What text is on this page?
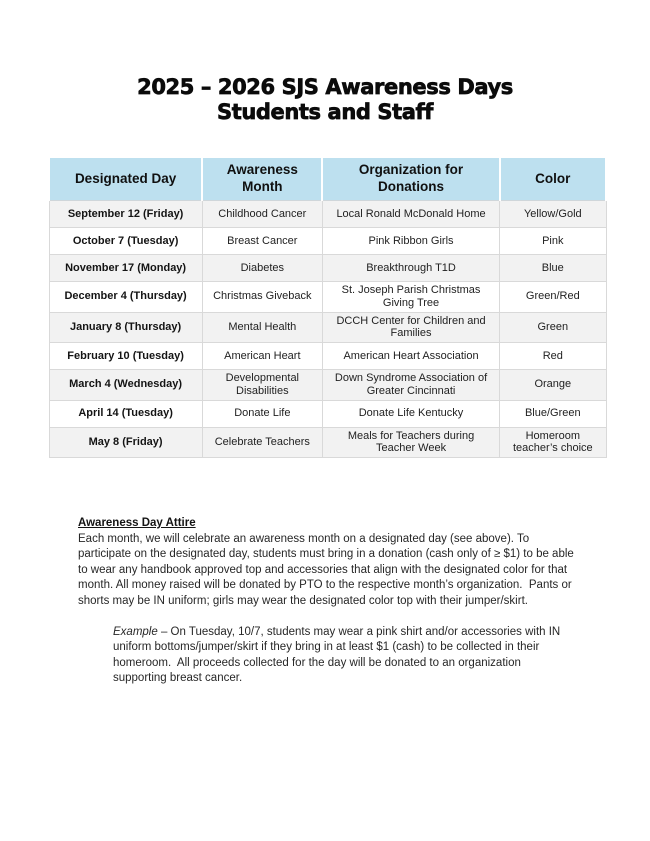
2025 – 2026 SJS Awareness Days
Students and Staff
Designated Day	Awareness Month	Organization for Donations	Color
September 12 (Friday)	Childhood Cancer	Local Ronald McDonald Home	Yellow/Gold
October 7 (Tuesday)	Breast Cancer	Pink Ribbon Girls	Pink
November 17 (Monday)	Diabetes	Breakthrough T1D	Blue
December 4 (Thursday)	Christmas Giveback	St. Joseph Parish Christmas Giving Tree	Green/Red
January 8 (Thursday)	Mental Health	DCCH Center for Children and Families	Green
February 10 (Tuesday)	American Heart	American Heart Association	Red
March 4 (Wednesday)	Developmental Disabilities	Down Syndrome Association of Greater Cincinnati	Orange
April 14 (Tuesday)	Donate Life	Donate Life Kentucky	Blue/Green
May 8 (Friday)	Celebrate Teachers	Meals for Teachers during Teacher Week	Homeroom teacher’s choice
Awareness Day Attire

Each month, we will celebrate an awareness month on a designated day (see above). To participate on the designated day, students must bring in a donation (cash only of ≥ $1) to be able to wear any handbook approved top and accessories that align with the designated color for that month. All money raised will be donated by PTO to the respective month’s organization.  Pants or shorts may be IN uniform; girls may wear the designated color top with their jumper/skirt.

Example – On Tuesday, 10/7, students may wear a pink shirt and/or accessories with IN uniform bottoms/jumper/skirt if they bring in at least $1 (cash) to be collected in their homeroom.  All proceeds collected for the day will be donated to an organization supporting breast cancer.
